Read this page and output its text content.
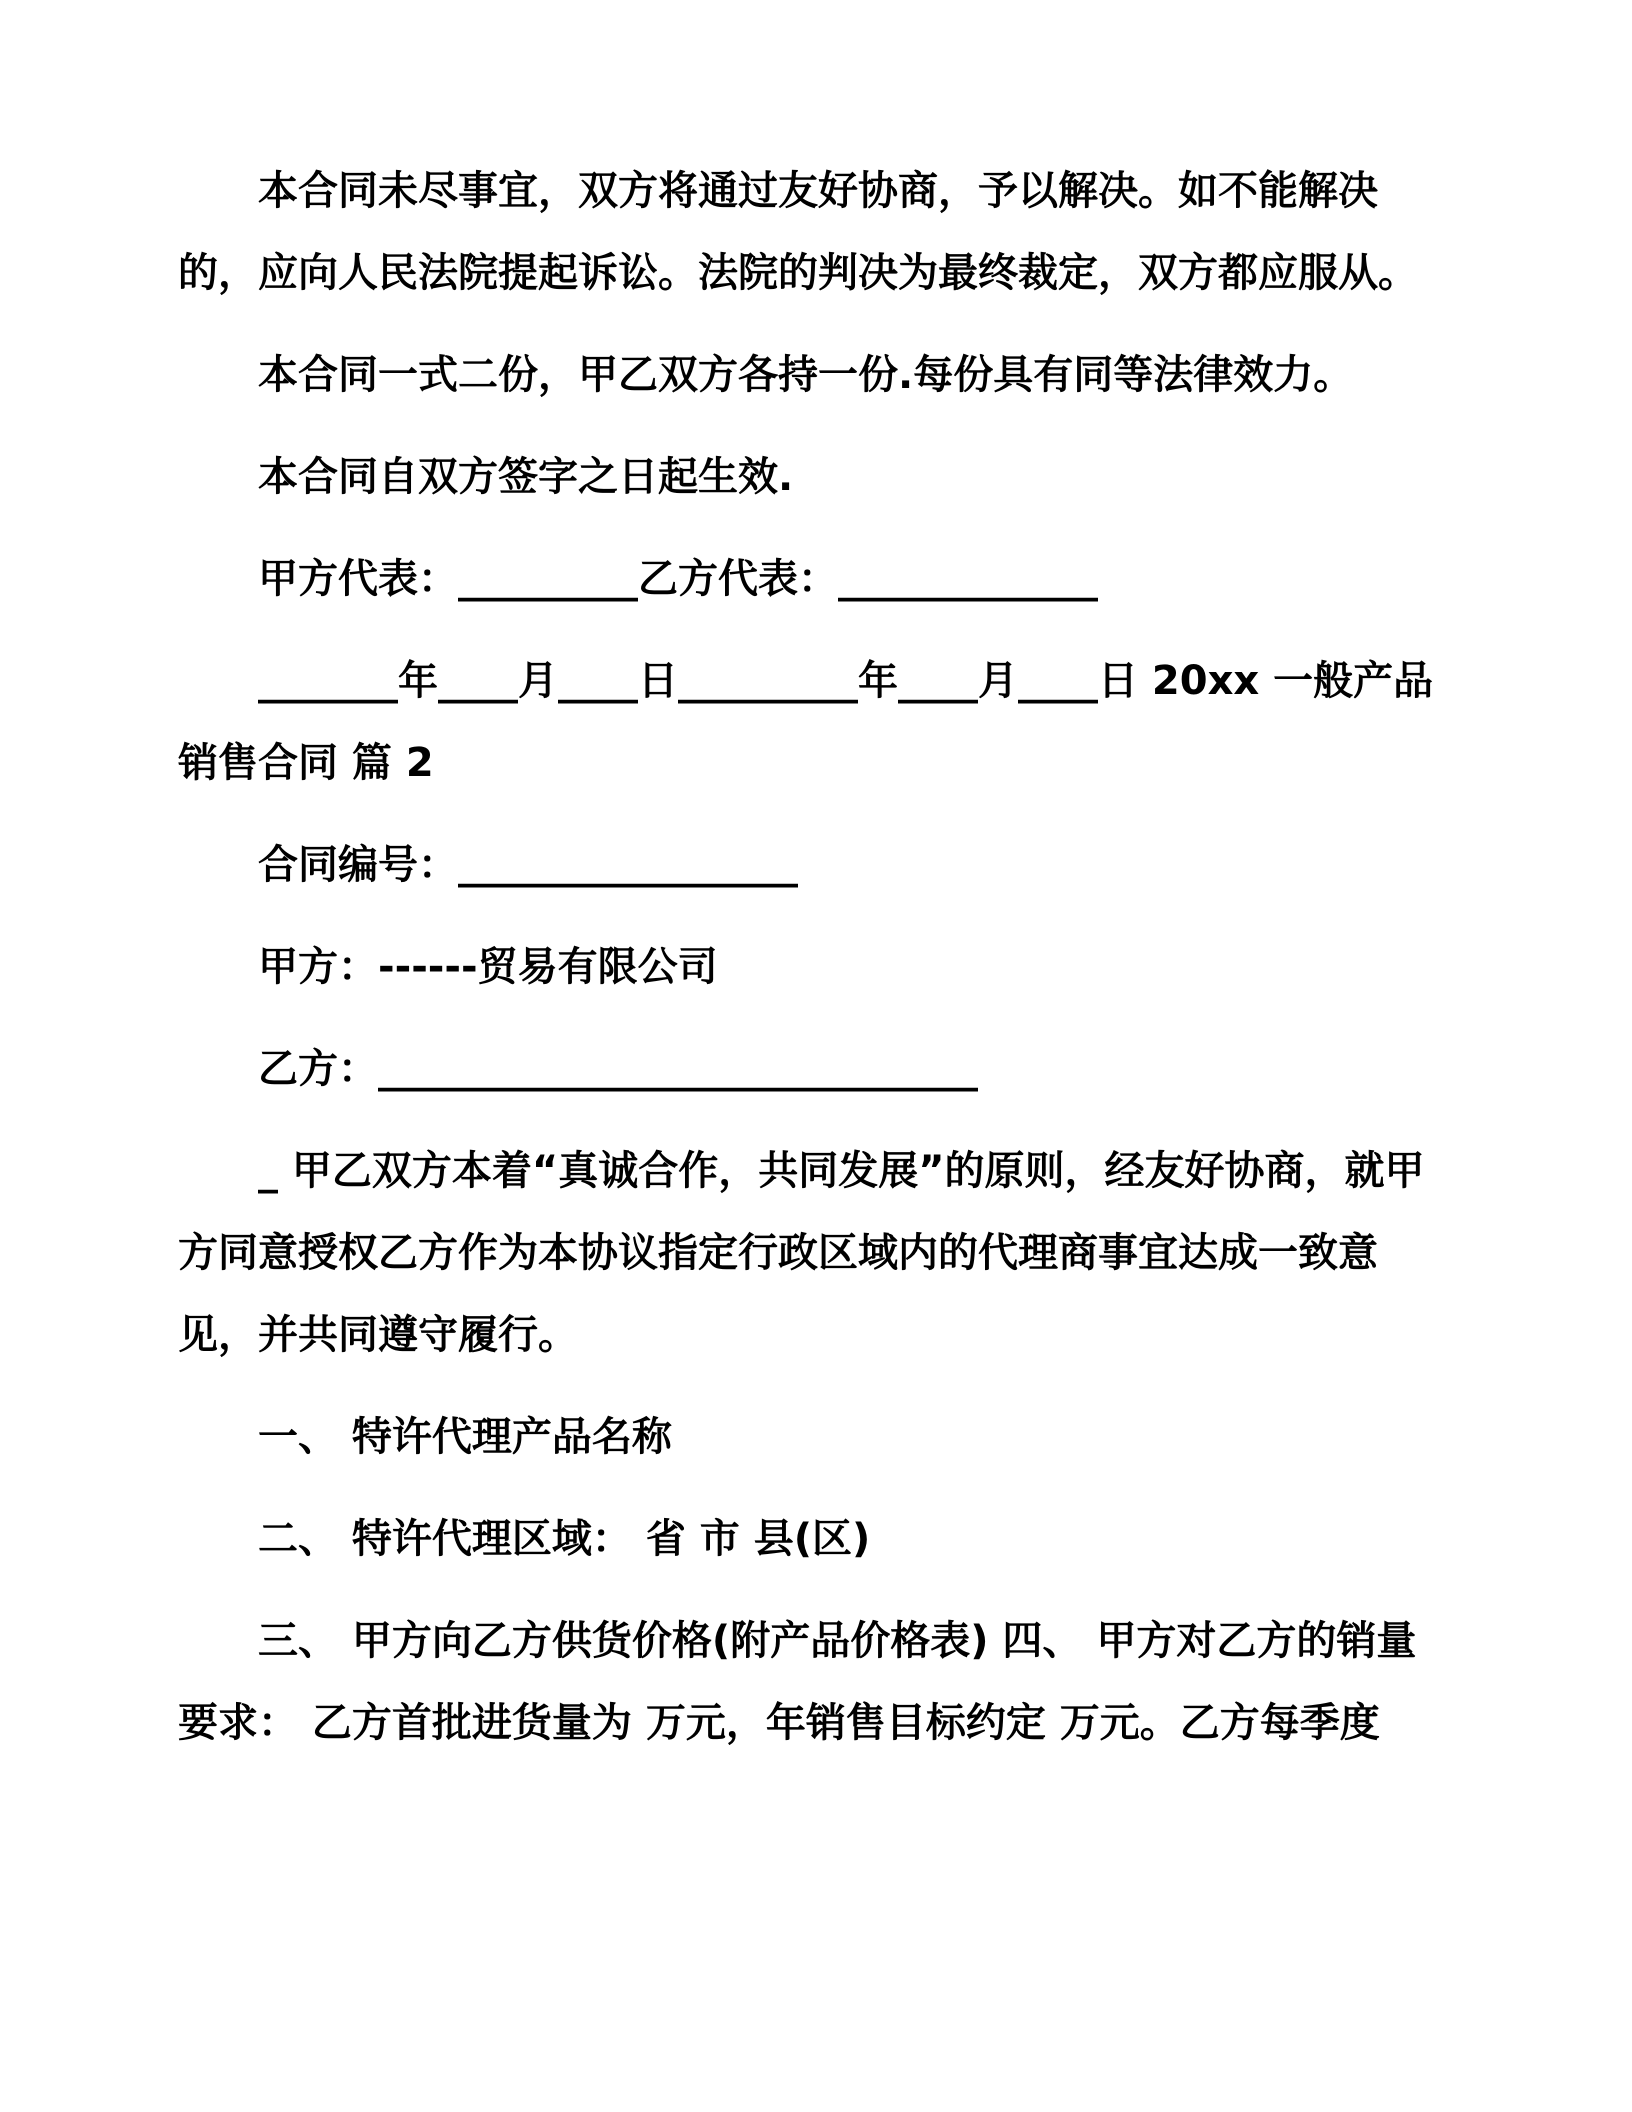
本合同未尽事宜，双方将通过友好协商，予以解决。如不能解决的，应向人民法院提起诉讼。法院的判决为最终裁定，双方都应服从。

本合同一式二份，甲乙双方各持一份.每份具有同等法律效力。

本合同自双方签字之日起生效.

甲方代表：_________乙方代表：_____________

_______年____月____日_________年____月____日 20xx 一般产品销售合同 篇 2

合同编号：_________________

甲方：------贸易有限公司

乙方：______________________________

_ 甲乙双方本着“真诚合作，共同发展”的原则，经友好协商，就甲方同意授权乙方作为本协议指定行政区域内的代理商事宜达成一致意见，并共同遵守履行。

一、 特许代理产品名称

二、 特许代理区域： 省 市 县(区)

三、 甲方向乙方供货价格(附产品价格表) 四、 甲方对乙方的销量要求： 乙方首批进货量为 万元，年销售目标约定 万元。乙方每季度
